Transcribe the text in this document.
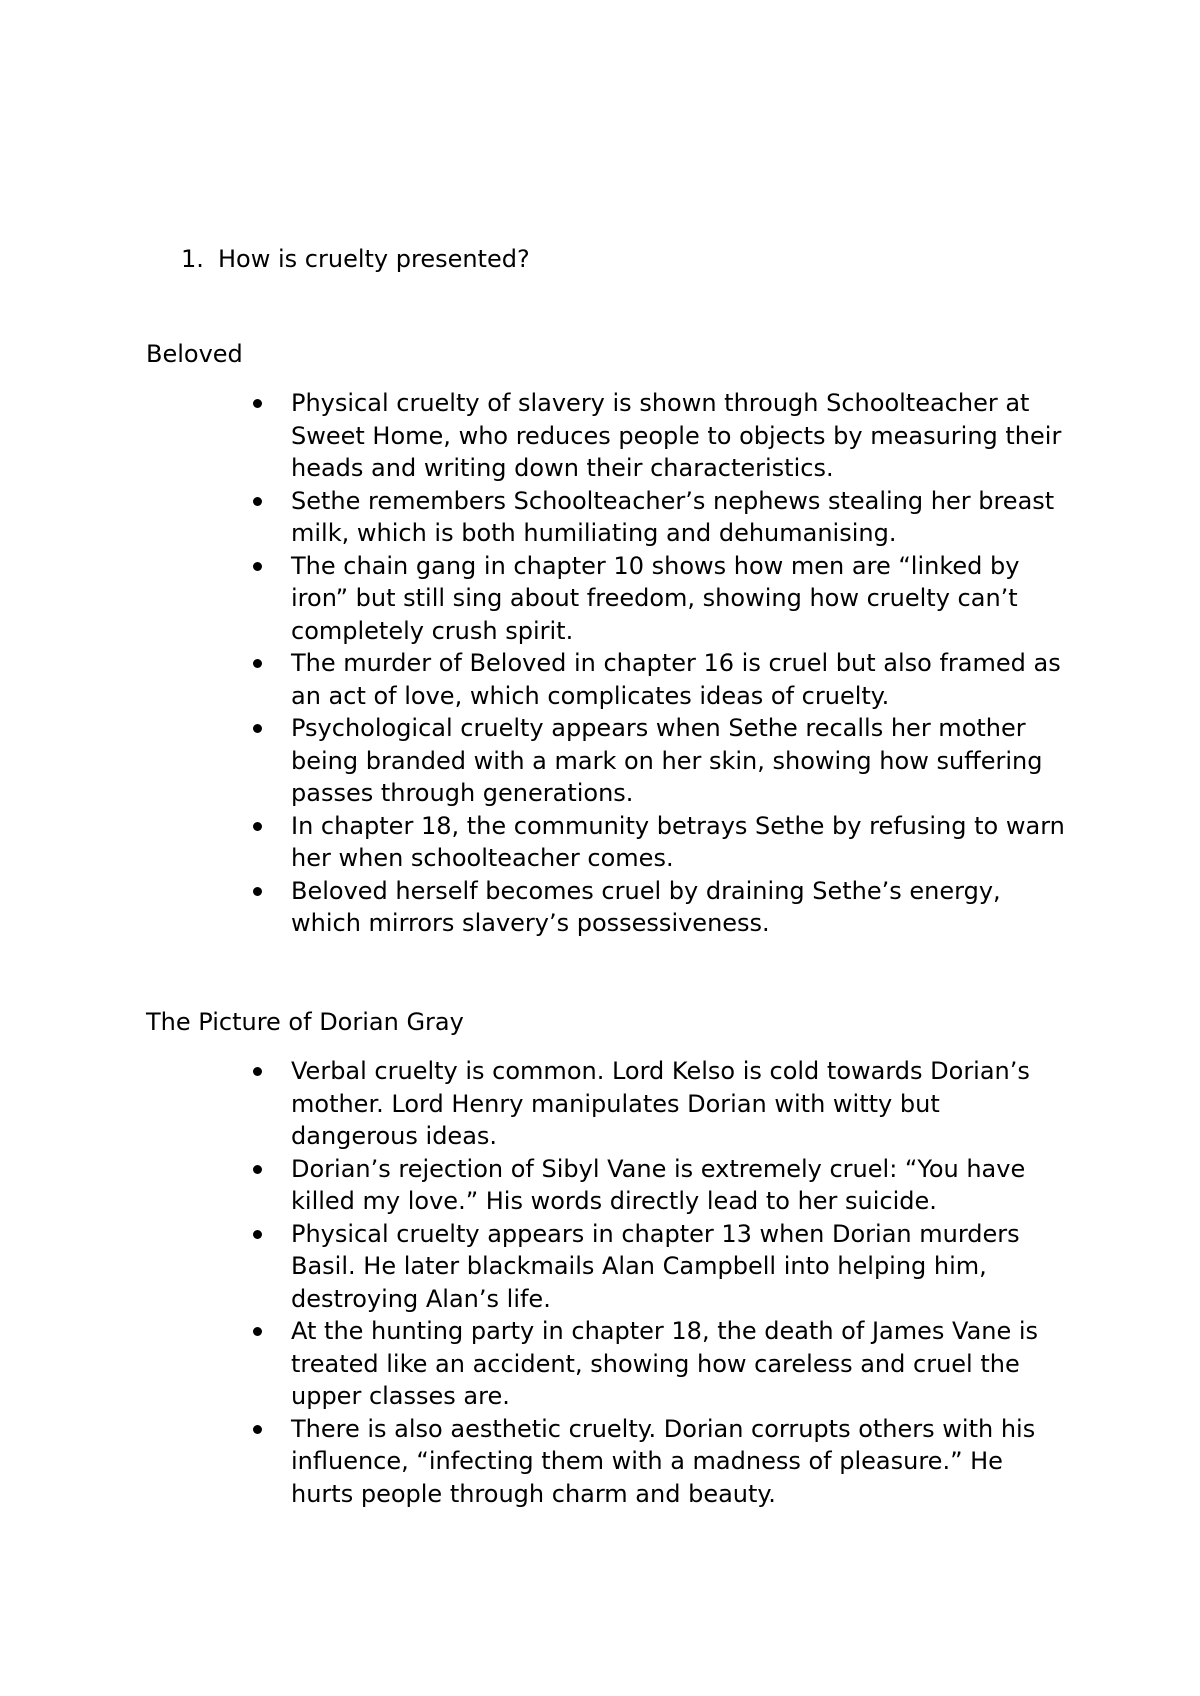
1. How is cruelty presented?
Beloved
Physical cruelty of slavery is shown through Schoolteacher at Sweet Home, who reduces people to objects by measuring their heads and writing down their characteristics.
Sethe remembers Schoolteacher’s nephews stealing her breast milk, which is both humiliating and dehumanising.
The chain gang in chapter 10 shows how men are “linked by iron” but still sing about freedom, showing how cruelty can’t completely crush spirit.
The murder of Beloved in chapter 16 is cruel but also framed as an act of love, which complicates ideas of cruelty.
Psychological cruelty appears when Sethe recalls her mother being branded with a mark on her skin, showing how suffering passes through generations.
In chapter 18, the community betrays Sethe by refusing to warn her when schoolteacher comes.
Beloved herself becomes cruel by draining Sethe’s energy, which mirrors slavery’s possessiveness.
The Picture of Dorian Gray
Verbal cruelty is common. Lord Kelso is cold towards Dorian’s mother. Lord Henry manipulates Dorian with witty but dangerous ideas.
Dorian’s rejection of Sibyl Vane is extremely cruel: “You have killed my love.” His words directly lead to her suicide.
Physical cruelty appears in chapter 13 when Dorian murders Basil. He later blackmails Alan Campbell into helping him, destroying Alan’s life.
At the hunting party in chapter 18, the death of James Vane is treated like an accident, showing how careless and cruel the upper classes are.
There is also aesthetic cruelty. Dorian corrupts others with his influence, “infecting them with a madness of pleasure.” He hurts people through charm and beauty.
